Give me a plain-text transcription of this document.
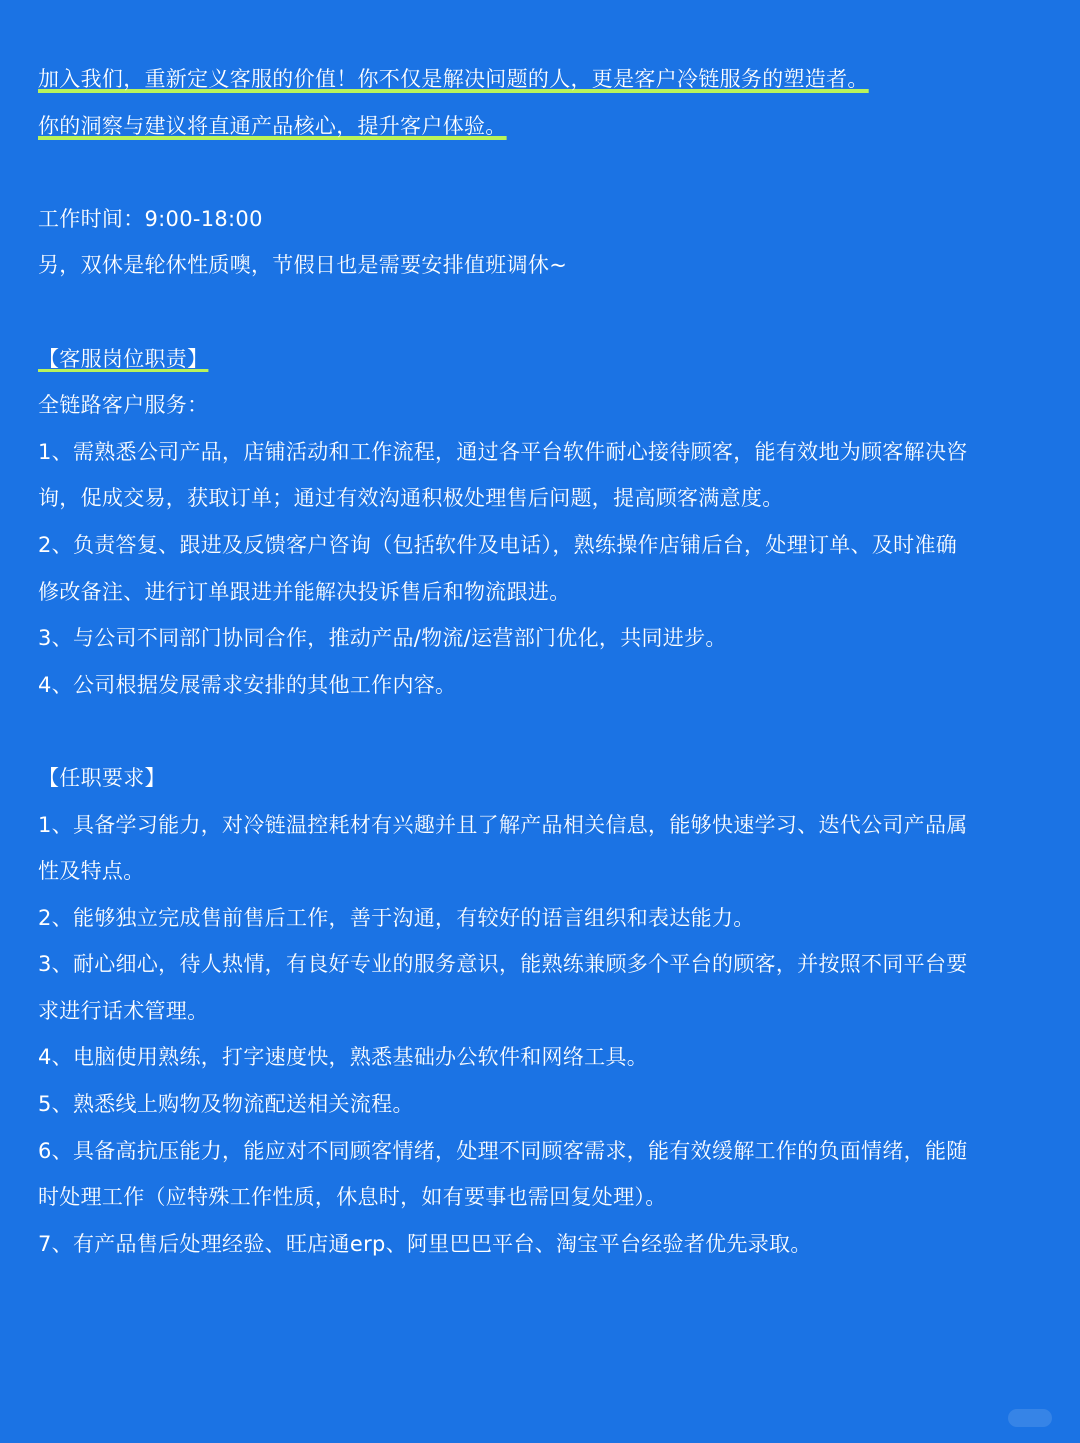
加入我们，重新定义客服的价值！你不仅是解决问题的人，更是客户冷链服务的塑造者。
你的洞察与建议将直通产品核心，提升客户体验。
工作时间：9:00-18:00
另，双休是轮休性质噢，节假日也是需要安排值班调休~
【客服岗位职责】
全链路客户服务：
1、需熟悉公司产品，店铺活动和工作流程，通过各平台软件耐心接待顾客，能有效地为顾客解决咨
询，促成交易，获取订单；通过有效沟通积极处理售后问题，提高顾客满意度。
2、负责答复、跟进及反馈客户咨询（包括软件及电话），熟练操作店铺后台，处理订单、及时准确
修改备注、进行订单跟进并能解决投诉售后和物流跟进。
3、与公司不同部门协同合作，推动产品/物流/运营部门优化，共同进步。
4、公司根据发展需求安排的其他工作内容。
【任职要求】
1、具备学习能力，对冷链温控耗材有兴趣并且了解产品相关信息，能够快速学习、迭代公司产品属
性及特点。
2、能够独立完成售前售后工作，善于沟通，有较好的语言组织和表达能力。
3、耐心细心，待人热情，有良好专业的服务意识，能熟练兼顾多个平台的顾客，并按照不同平台要
求进行话术管理。
4、电脑使用熟练，打字速度快，熟悉基础办公软件和网络工具。
5、熟悉线上购物及物流配送相关流程。
6、具备高抗压能力，能应对不同顾客情绪，处理不同顾客需求，能有效缓解工作的负面情绪，能随
时处理工作（应特殊工作性质，休息时，如有要事也需回复处理）。
7、有产品售后处理经验、旺店通erp、阿里巴巴平台、淘宝平台经验者优先录取。
